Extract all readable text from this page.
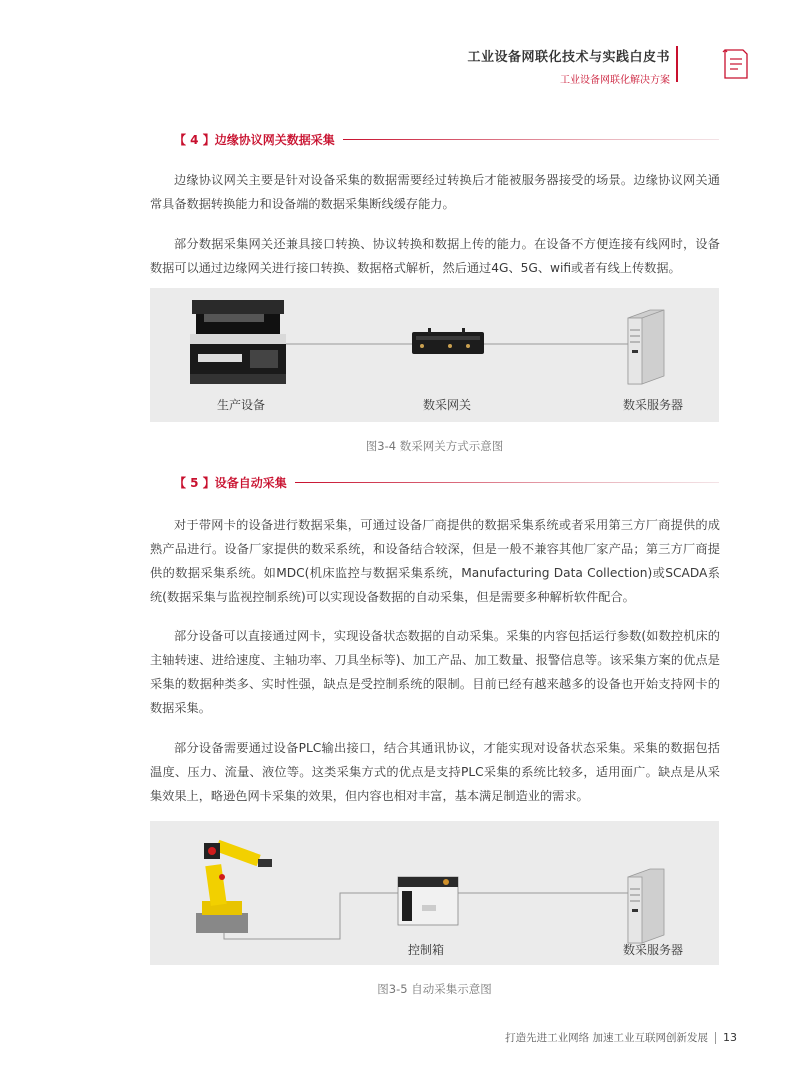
工业设备网联化技术与实践白皮书
工业设备网联化解决方案
【 4 】边缘协议网关数据采集

边缘协议网关主要是针对设备采集的数据需要经过转换后才能被服务器接受的场景。边缘协议网关通常具备数据转换能力和设备端的数据采集断线缓存能力。

部分数据采集网关还兼具接口转换、协议转换和数据上传的能力。在设备不方便连接有线网时，设备数据可以通过边缘网关进行接口转换、数据格式解析，然后通过4G、5G、wifi或者有线上传数据。

生产设备	数采网关	数采服务器
图3-4 数采网关方式示意图
【 5 】设备自动采集

对于带网卡的设备进行数据采集，可通过设备厂商提供的数据采集系统或者采用第三方厂商提供的成熟产品进行。设备厂家提供的数采系统，和设备结合较深，但是一般不兼容其他厂家产品；第三方厂商提供的数据采集系统。如MDC(机床监控与数据采集系统，Manufacturing Data Collection)或SCADA系统(数据采集与监视控制系统)可以实现设备数据的自动采集，但是需要多种解析软件配合。

部分设备可以直接通过网卡，实现设备状态数据的自动采集。采集的内容包括运行参数(如数控机床的主轴转速、进给速度、主轴功率、刀具坐标等)、加工产品、加工数量、报警信息等。该采集方案的优点是采集的数据种类多、实时性强，缺点是受控制系统的限制。目前已经有越来越多的设备也开始支持网卡的数据采集。

部分设备需要通过设备PLC输出接口，结合其通讯协议，才能实现对设备状态采集。采集的数据包括温度、压力、流量、液位等。这类采集方式的优点是支持PLC采集的系统比较多，适用面广。缺点是从采集效果上，略逊色网卡采集的效果，但内容也相对丰富，基本满足制造业的需求。

控制箱	数采服务器
图3-5 自动采集示意图
打造先进工业网络 加速工业互联网创新发展 13
